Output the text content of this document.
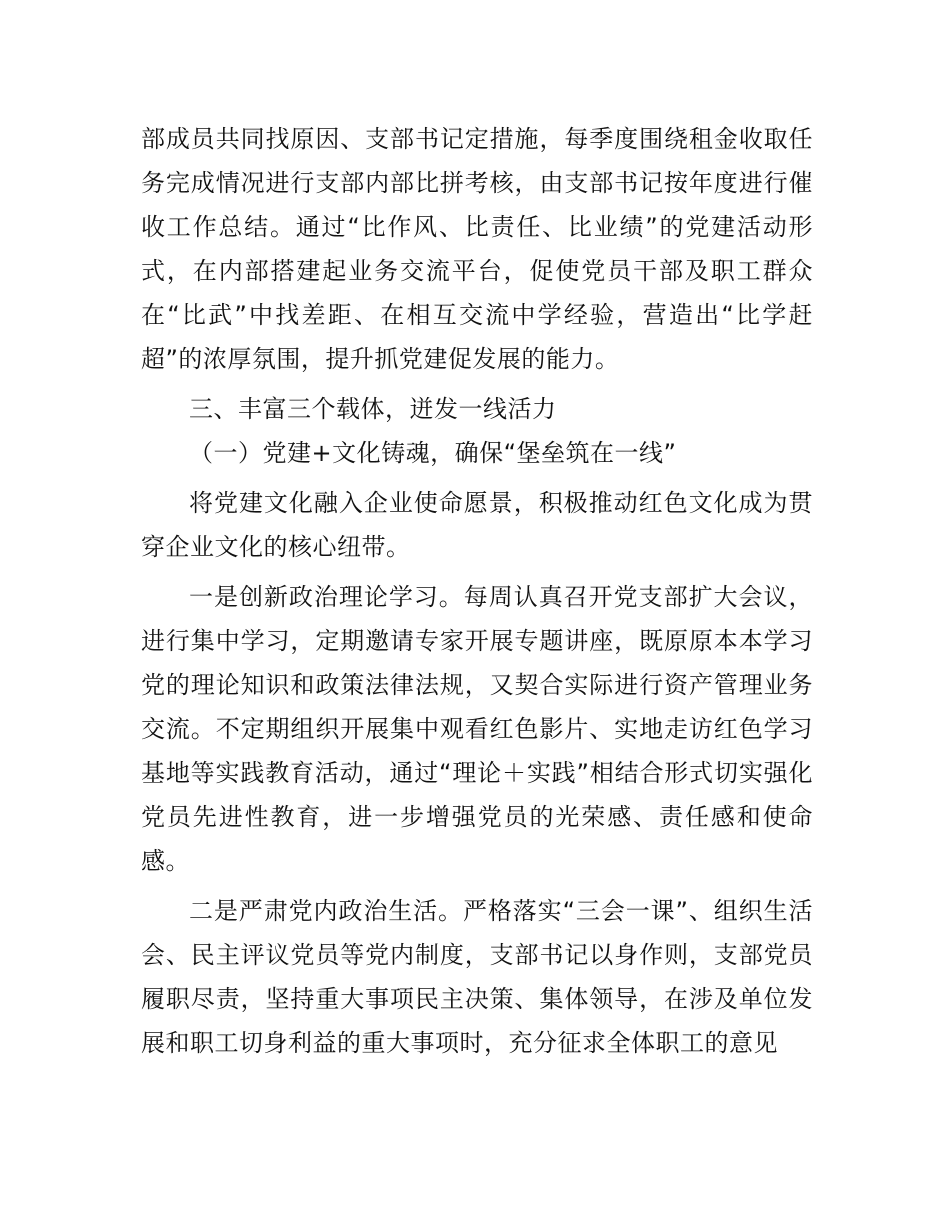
部成员共同找原因、支部书记定措施，每季度围绕租金收取任务完成情况进行支部内部比拼考核，由支部书记按年度进行催收工作总结。通过“比作风、比责任、比业绩”的党建活动形式，在内部搭建起业务交流平台，促使党员干部及职工群众在“比武”中找差距、在相互交流中学经验，营造出“比学赶超”的浓厚氛围，提升抓党建促发展的能力。

三、丰富三个载体，迸发一线活力

（一）党建+文化铸魂，确保“堡垒筑在一线”

将党建文化融入企业使命愿景，积极推动红色文化成为贯穿企业文化的核心纽带。

一是创新政治理论学习。每周认真召开党支部扩大会议，进行集中学习，定期邀请专家开展专题讲座，既原原本本学习党的理论知识和政策法律法规，又契合实际进行资产管理业务交流。不定期组织开展集中观看红色影片、实地走访红色学习基地等实践教育活动，通过“理论＋实践”相结合形式切实强化党员先进性教育，进一步增强党员的光荣感、责任感和使命感。

二是严肃党内政治生活。严格落实“三会一课”、组织生活会、民主评议党员等党内制度，支部书记以身作则，支部党员履职尽责，坚持重大事项民主决策、集体领导，在涉及单位发展和职工切身利益的重大事项时，充分征求全体职工的意见
